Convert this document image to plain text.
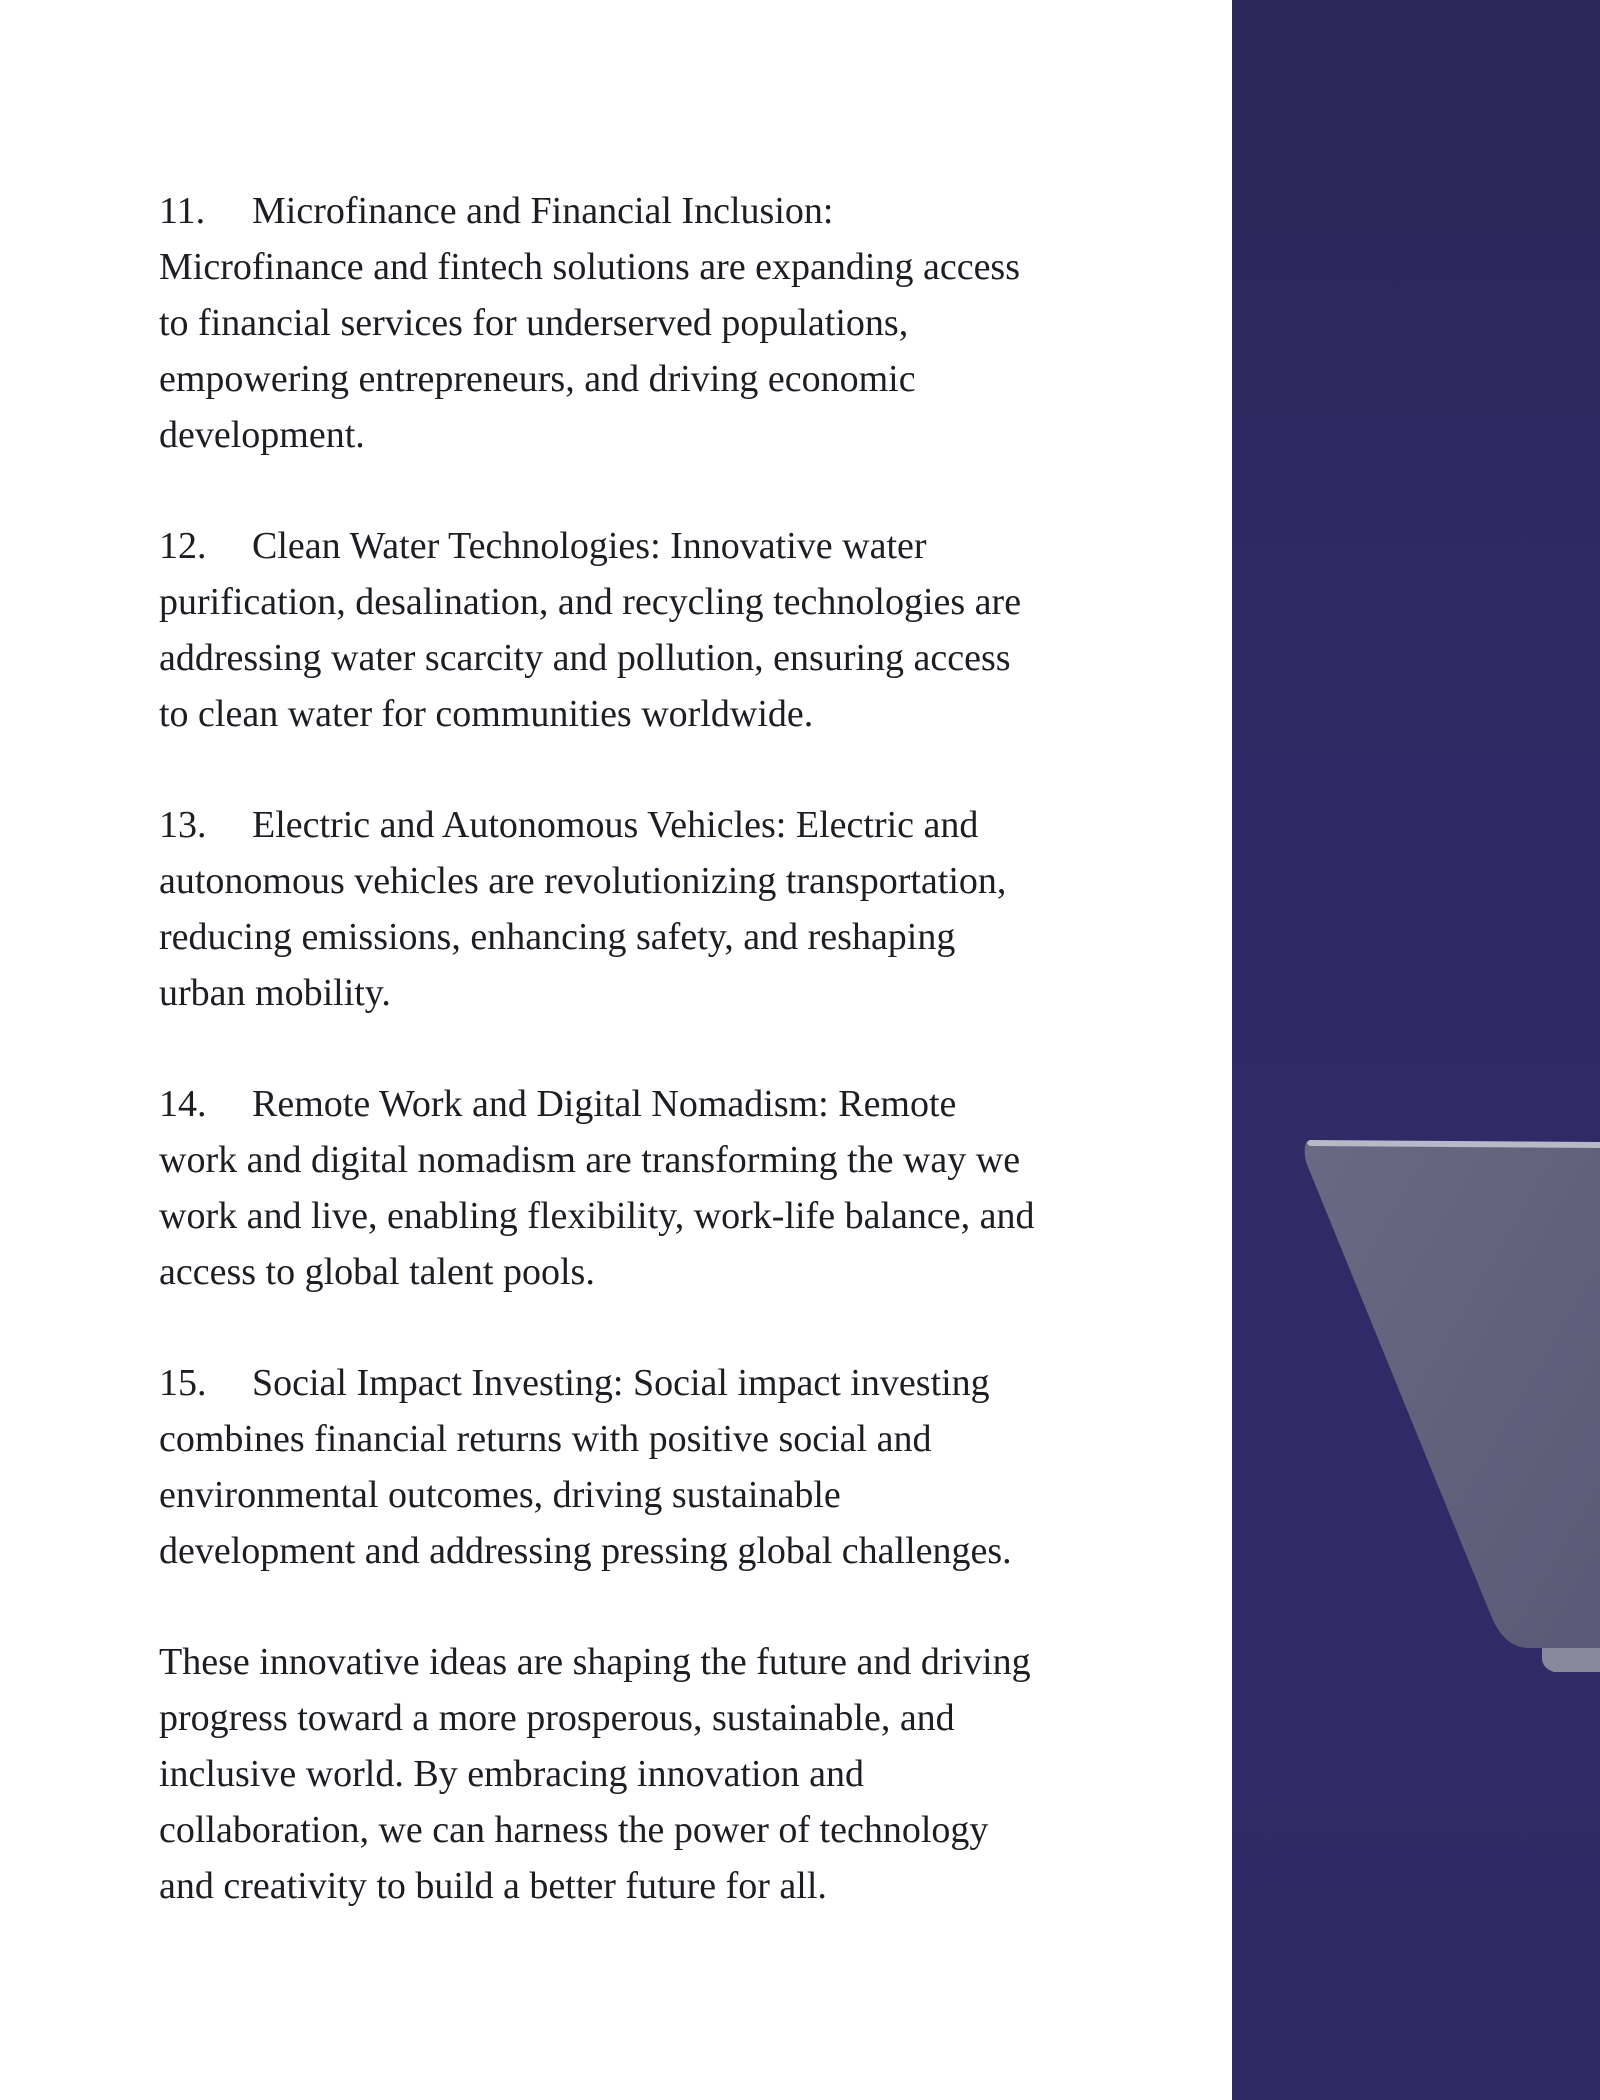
11. Microfinance and Financial Inclusion:
Microfinance and fintech solutions are expanding access
to financial services for underserved populations,
empowering entrepreneurs, and driving economic
development.

12. Clean Water Technologies: Innovative water
purification, desalination, and recycling technologies are
addressing water scarcity and pollution, ensuring access
to clean water for communities worldwide.

13. Electric and Autonomous Vehicles: Electric and
autonomous vehicles are revolutionizing transportation,
reducing emissions, enhancing safety, and reshaping
urban mobility.

14. Remote Work and Digital Nomadism: Remote
work and digital nomadism are transforming the way we
work and live, enabling flexibility, work-life balance, and
access to global talent pools.

15. Social Impact Investing: Social impact investing
combines financial returns with positive social and
environmental outcomes, driving sustainable
development and addressing pressing global challenges.

These innovative ideas are shaping the future and driving
progress toward a more prosperous, sustainable, and
inclusive world. By embracing innovation and
collaboration, we can harness the power of technology
and creativity to build a better future for all.
